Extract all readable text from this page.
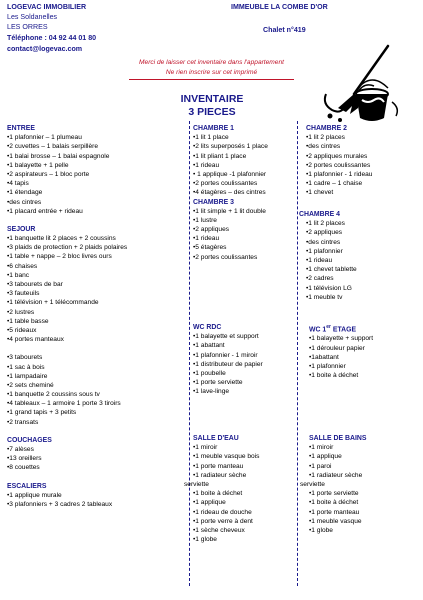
LOGEVAC IMMOBILIER
Les Soldanelles
LES ORRES
Téléphone : 04 92 44 01 80
contact@logevac.com
IMMEUBLE LA COMBE D'OR
Chalet n°419
Merci de laisser cet inventaire dans l'appartement
Ne rien inscrire sur cet imprimé
INVENTAIRE
3 PIECES
ENTREE
•1 plafonnier – 1 plumeau
•2 cuvettes – 1 balais serpillère
•1 balai brosse – 1 balai espagnole
•1 balayette + 1 pelle
•2 aspirateurs – 1 bloc porte
•4 tapis
•1 étendage
•des cintres
•1 placard entrée + rideau
SEJOUR
•1 banquette lit 2 places + 2 coussins
•3 plaids de protection + 2 plaids polaires
•1 table + nappe – 2 bloc livres ours
•6 chaises
•1 banc
•3 tabourets de bar
•3 fauteuils
•1 télévision + 1 télécommande
•2 lustres
•1 table basse
•5 rideaux
•4 portes manteaux
•3 tabourets
•1 sac à bois
•1 lampadaire
•2 sets cheminé
•1 banquette 2 coussins sous tv
•4 tableaux – 1 armoire 1 porte 3 tiroirs
•1 grand tapis + 3 petits
•2 transats
COUCHAGES
•7 alèses
•13 oreillers
•8 couettes
ESCALIERS
•1 applique murale
•3 plafonniers + 3 cadres 2 tableaux
CHAMBRE 1
•1 lit 1 place
•2 lits superposés 1 place
•1 lit pliant 1 place
•1 rideau
• 1 applique -1 plafonnier
•2 portes coulissantes
•4 étagères – des cintres
CHAMBRE 3
•1 lit simple + 1 lit double
•1 lustre
•2 appliques
•1 rideau
•5 étagères
•2 portes coulissantes
WC RDC
•1 balayette et support
•1 abattant
•1 plafonnier - 1 miroir
•1 distributeur de papier
•1 poubelle
•1 porte serviette
•1 lave-linge
SALLE D'EAU
•1 miroir
•1 meuble vasque bois
•1 porte manteau
•1 radiateur sèche
serviette
•1 boite à déchet
•1 applique
•1 rideau de douche
•1 porte verre à dent
•1 sèche cheveux
•1 globe
CHAMBRE 2
•1 lit 2 places
•des cintres
•2 appliques murales
•2 portes coulissantes
•1 plafonnier - 1 rideau
•1 cadre – 1 chaise
•1 chevet
CHAMBRE 4
•1 lit 2 places
•2 appliques
•des cintres
•1 plafonnier
•1 rideau
•1 chevet tablette
•2 cadres
•1 télévision LG
•1 meuble tv
WC 1er ETAGE
•1 balayette + support
•1 dérouleur papier
•1abattant
•1 plafonnier
•1 boite à déchet
SALLE DE BAINS
•1 miroir
•1 applique
•1 paroi
•1 radiateur sèche
serviette
•1 porte serviette
•1 boite à déchet
•1 porte manteau
•1 meuble vasque
•1 globe
